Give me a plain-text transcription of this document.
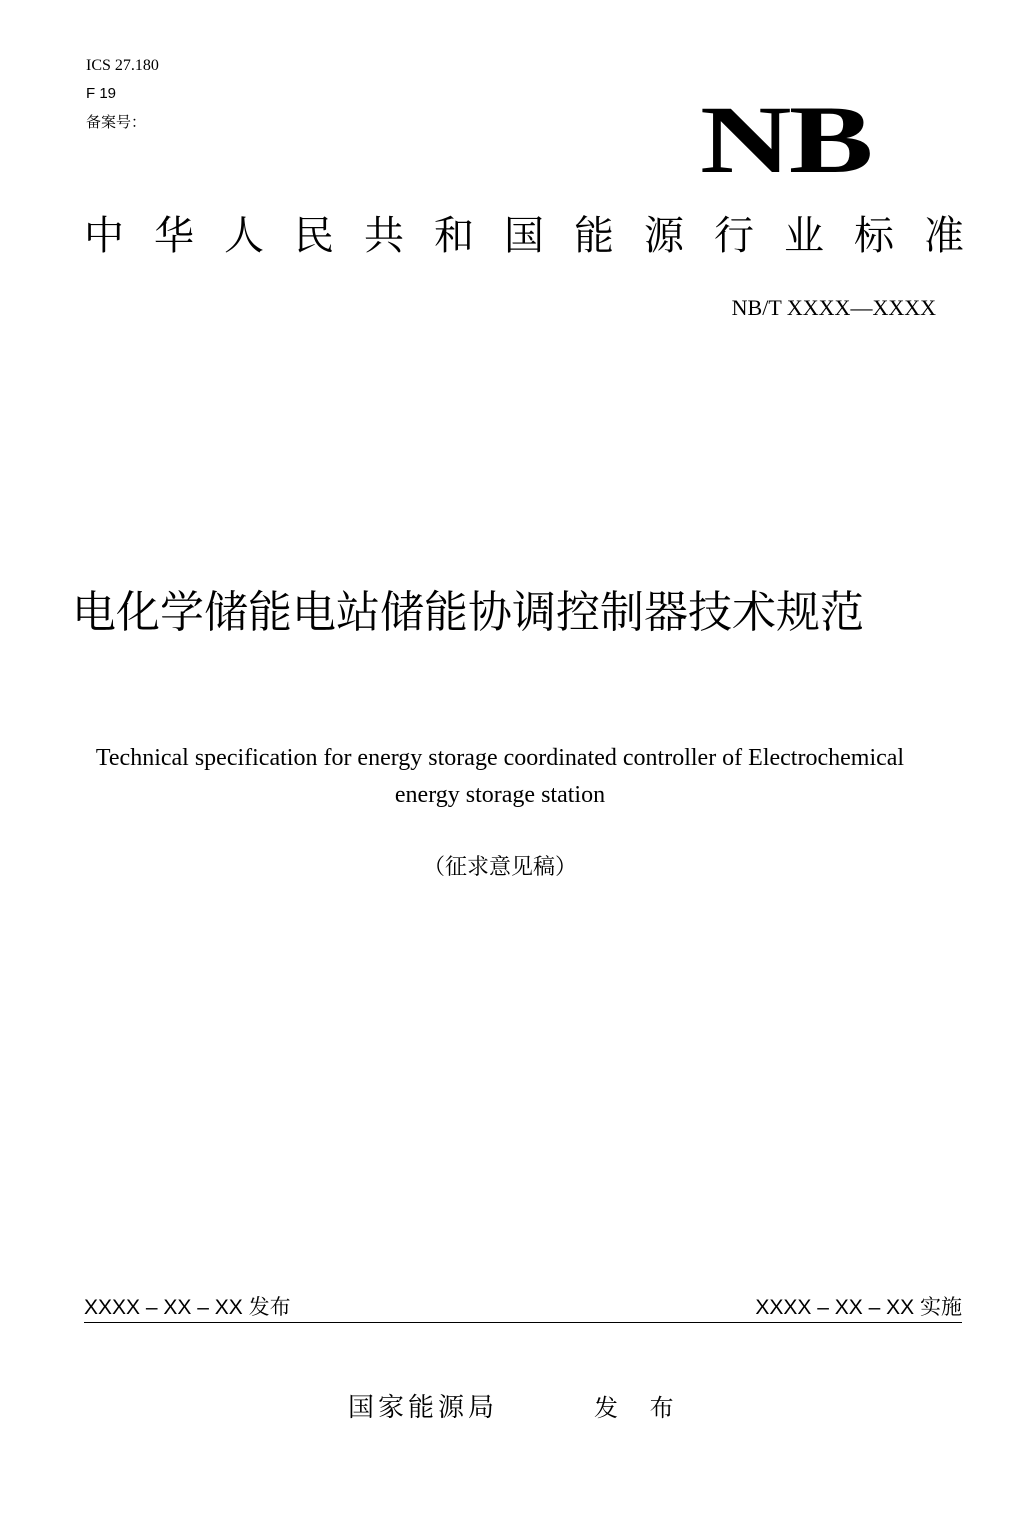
ICS 27.180
F 19
备案号：	NB
中 华 人 民 共 和 国 能 源 行 业 标 准
NB/T XXXX—XXXX
电化学储能电站储能协调控制器技术规范
Technical specification for energy storage coordinated controller of Electrochemical
energy storage station
（征求意见稿）
XXXX – XX – XX 发布	XXXX – XX – XX 实施
国家能源局	发 布
